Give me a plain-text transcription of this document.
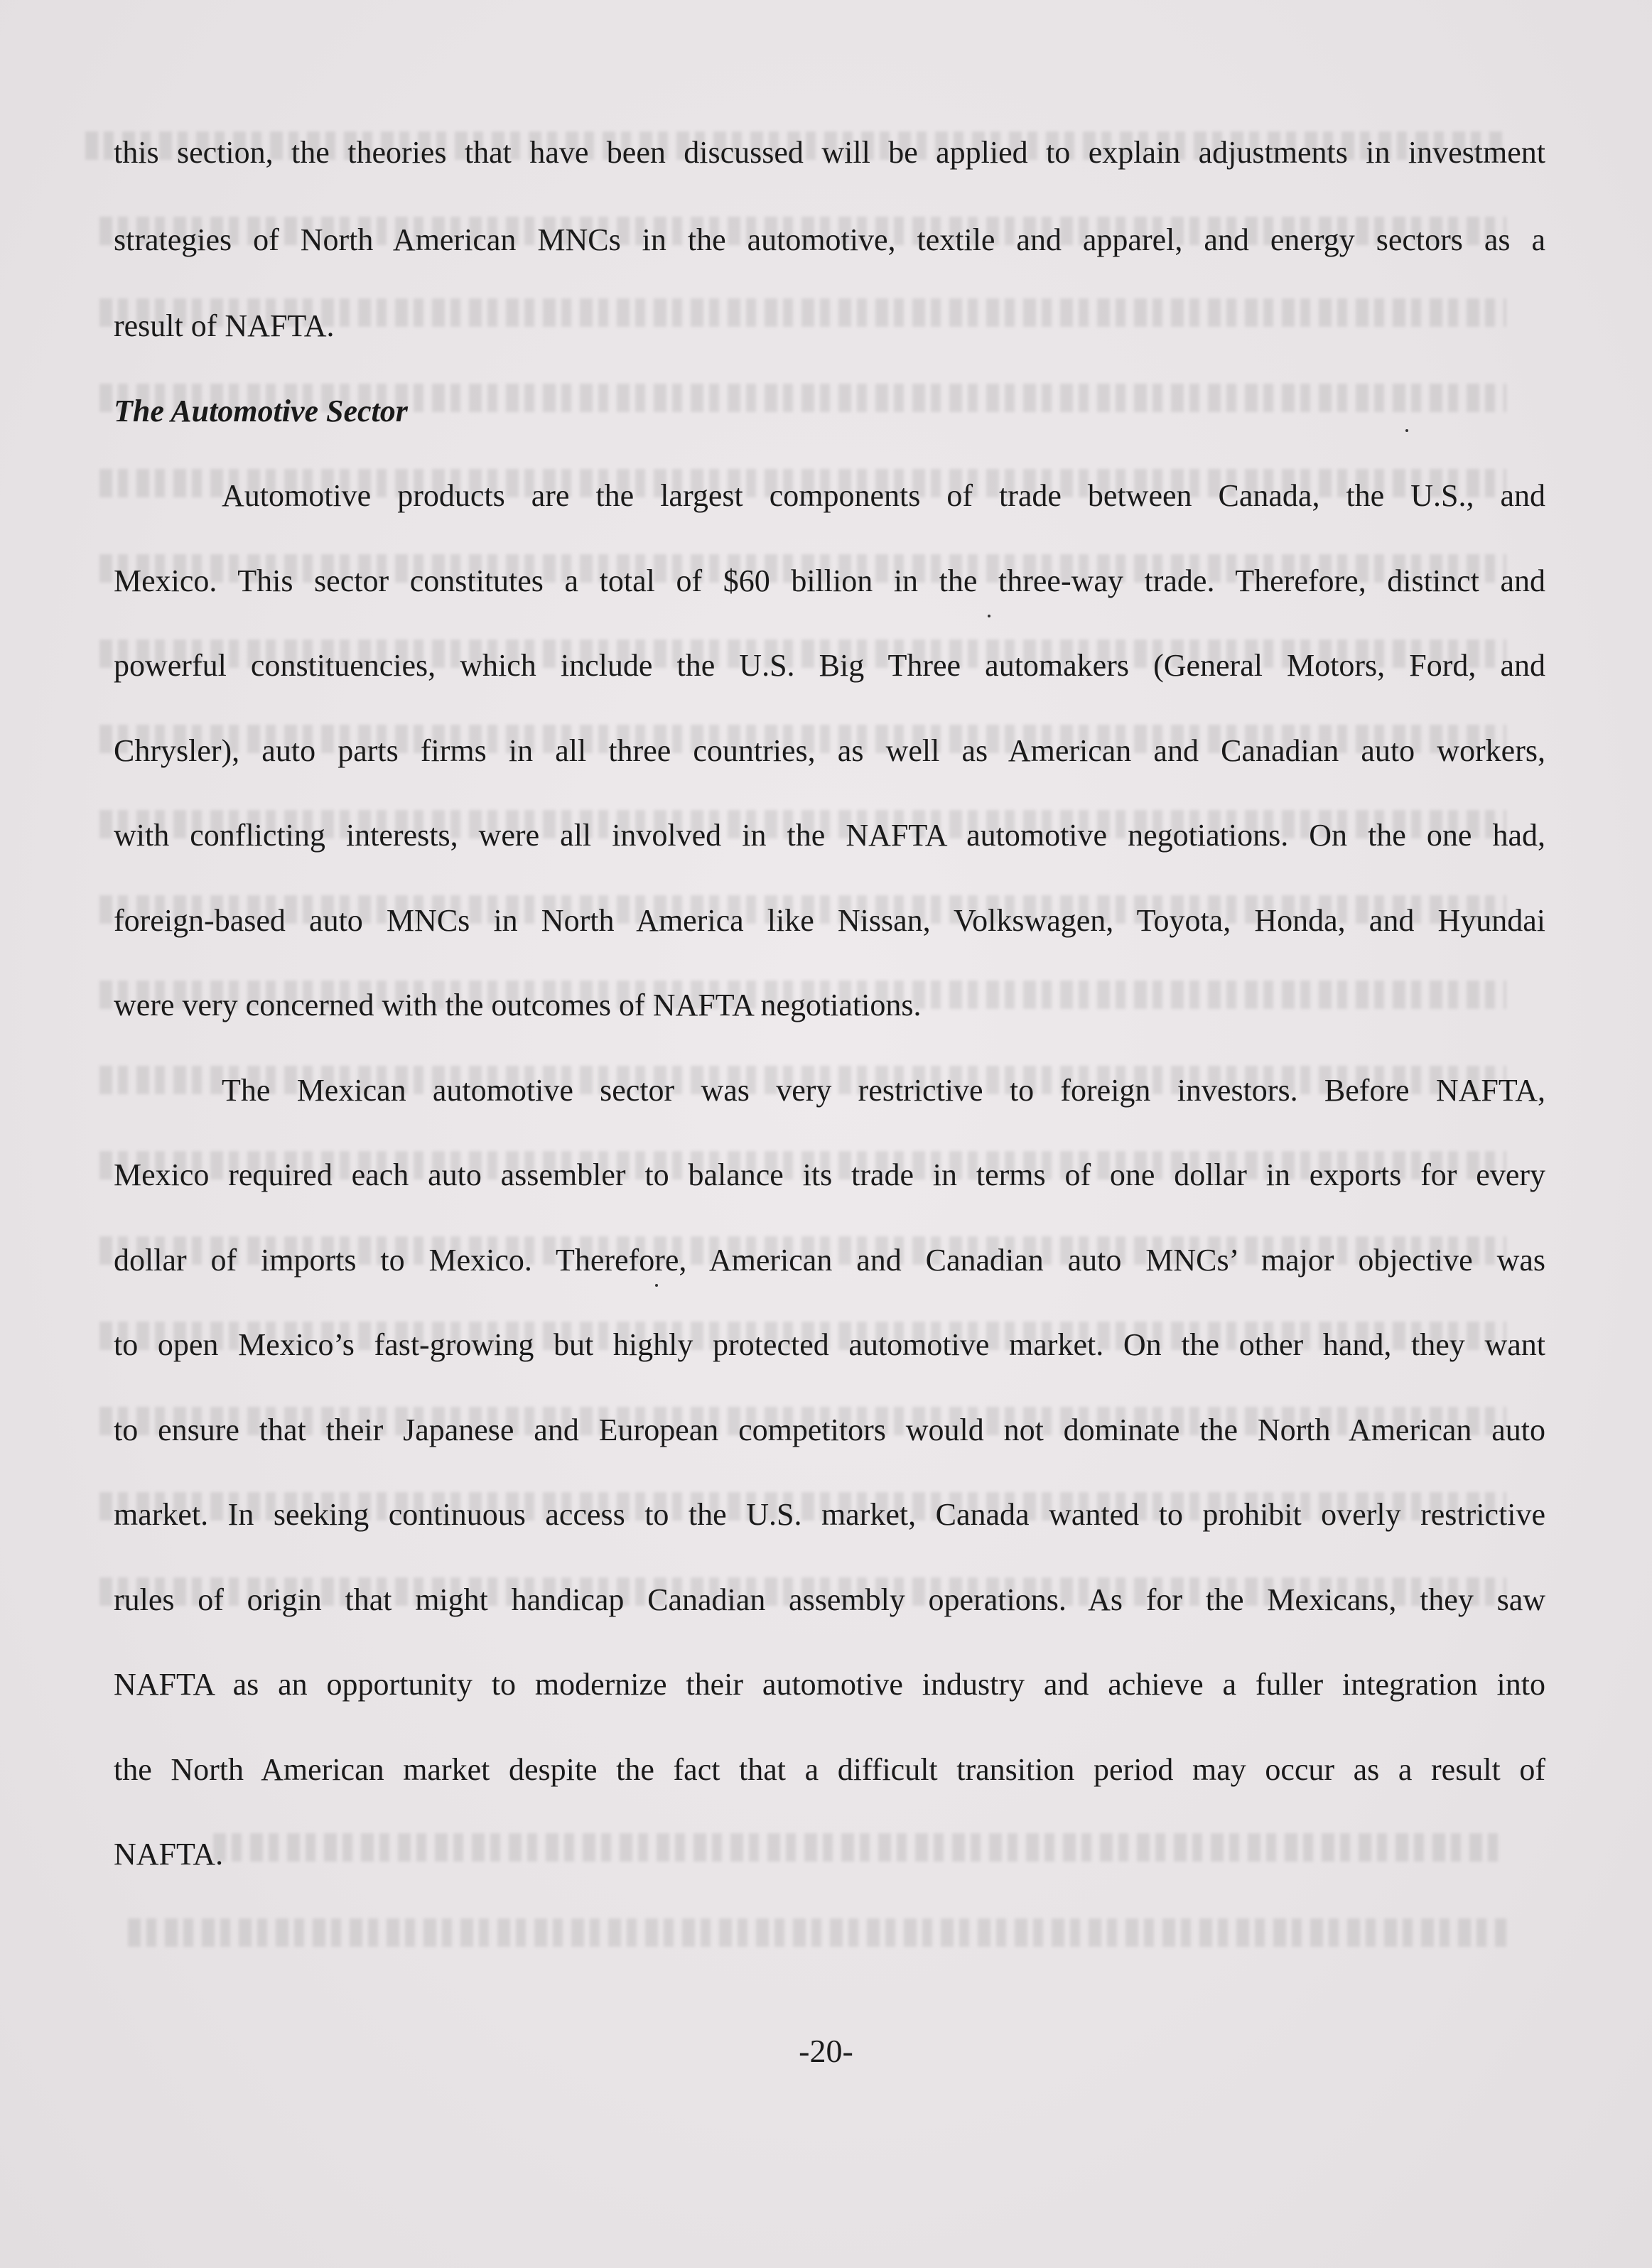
this section, the theories that have been discussed will be applied to explain adjustments in investment
strategies of North American MNCs in the automotive, textile and apparel, and energy sectors as a
result of NAFTA.
The Automotive Sector
Automotive products are the largest components of trade between Canada, the U.S., and
Mexico. This sector constitutes a total of $60 billion in the three-way trade. Therefore, distinct and
powerful constituencies, which include the U.S. Big Three automakers (General Motors, Ford, and
Chrysler), auto parts firms in all three countries, as well as American and Canadian auto workers,
with conflicting interests, were all involved in the NAFTA automotive negotiations. On the one had,
foreign-based auto MNCs in North America like Nissan, Volkswagen, Toyota, Honda, and Hyundai
were very concerned with the outcomes of NAFTA negotiations.
The Mexican automotive sector was very restrictive to foreign investors. Before NAFTA,
Mexico required each auto assembler to balance its trade in terms of one dollar in exports for every
dollar of imports to Mexico. Therefore, American and Canadian auto MNCs’ major objective was
to open Mexico’s fast-growing but highly protected automotive market. On the other hand, they want
to ensure that their Japanese and European competitors would not dominate the North American auto
market. In seeking continuous access to the U.S. market, Canada wanted to prohibit overly restrictive
rules of origin that might handicap Canadian assembly operations. As for the Mexicans, they saw
NAFTA as an opportunity to modernize their automotive industry and achieve a fuller integration into
the North American market despite the fact that a difficult transition period may occur as a result of
NAFTA.
-20-
